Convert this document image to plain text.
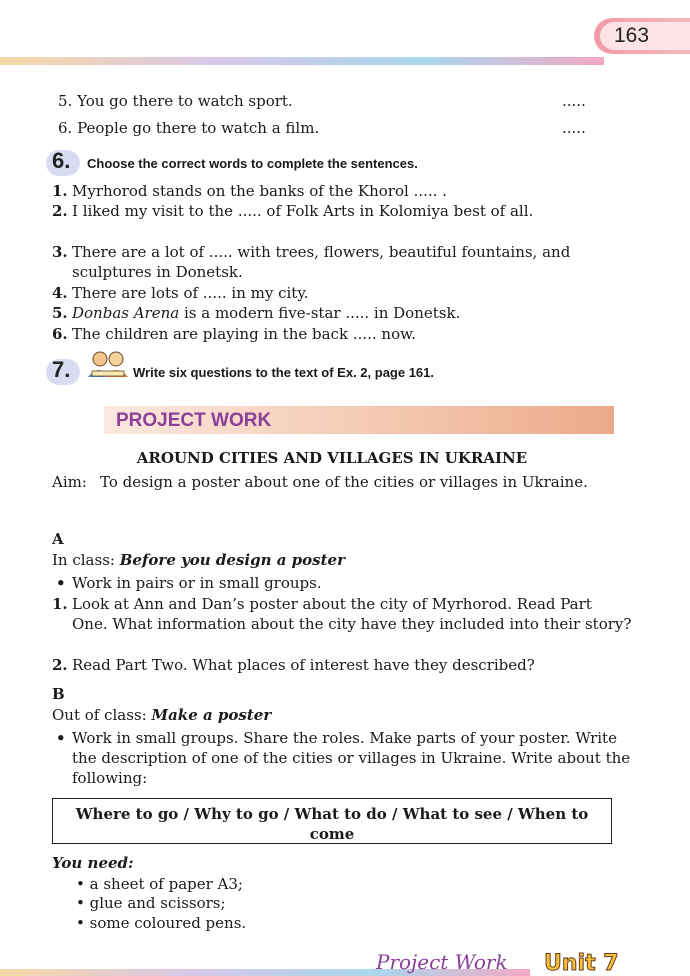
163
5. You go there to watch sport.	.....
6. People go there to watch a film.	.....
6. Choose the correct words to complete the sentences.
1. Myrhorod stands on the banks of the Khorol ..... .
2. I liked my visit to the ..... of Folk Arts in Kolomiya best of all.
3. There are a lot of ..... with trees, flowers, beautiful fountains, and sculptures in Donetsk.
4. There are lots of ..... in my city.
5. Donbas Arena is a modern five-star ..... in Donetsk.
6. The children are playing in the back ..... now.
7.	Write six questions to the text of Ex. 2, page 161.
PROJECT WORK
AROUND CITIES AND VILLAGES IN UKRAINE
Aim: To design a poster about one of the cities or villages in Ukraine.
A
In class: Before you design a poster
• Work in pairs or in small groups.
1. Look at Ann and Dan’s poster about the city of Myrhorod. Read Part One. What information about the city have they included into their story?
2. Read Part Two. What places of interest have they described?
B
Out of class: Make a poster
• Work in small groups. Share the roles. Make parts of your poster. Write the description of one of the cities or villages in Ukraine. Write about the following:
Where to go / Why to go / What to do / What to see / When to come
You need:
• a sheet of paper A3;
• glue and scissors;
• some coloured pens.
Project Work Unit 7
